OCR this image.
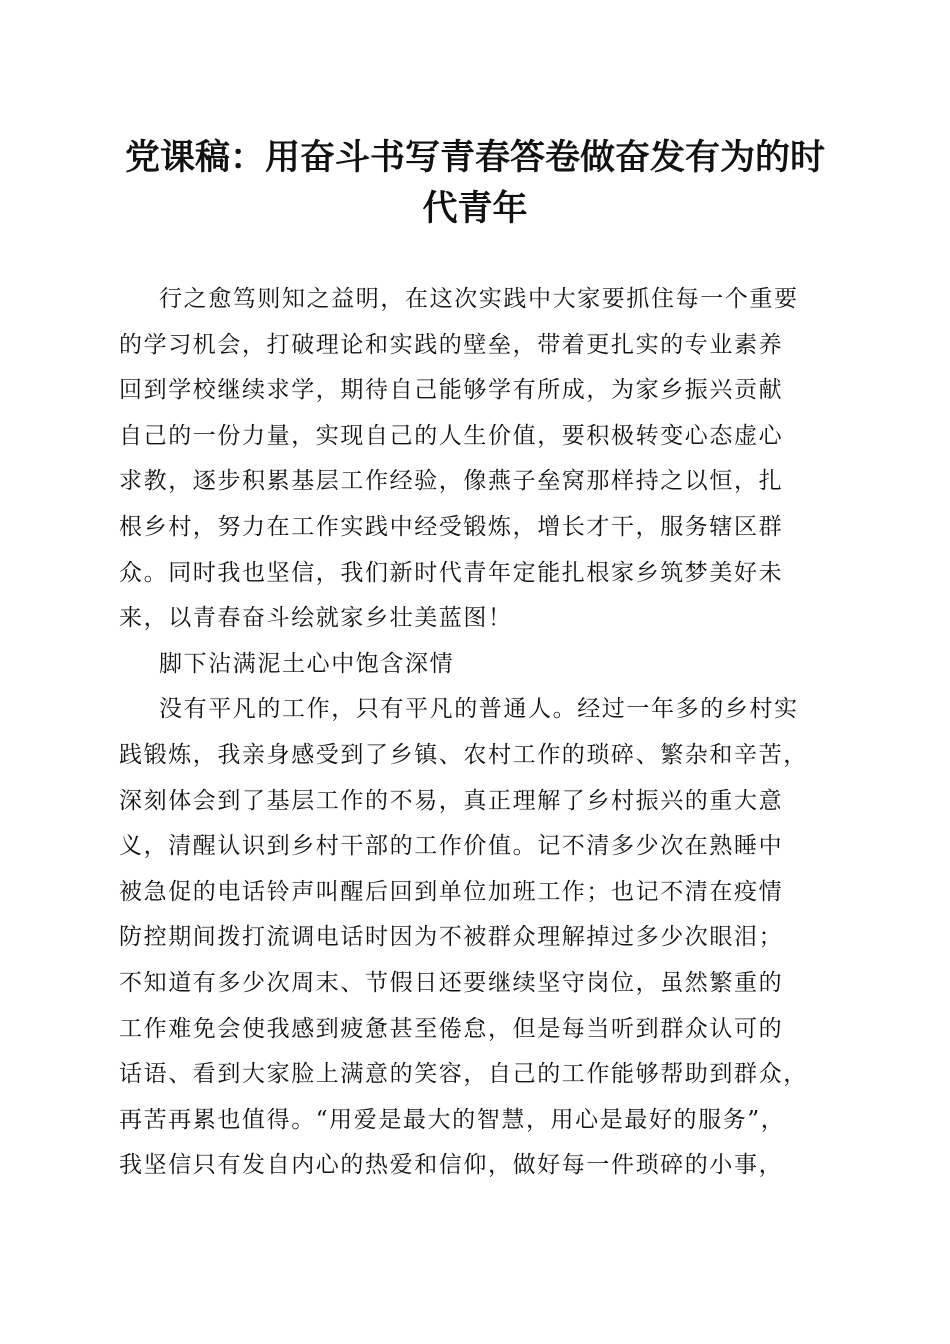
党课稿：用奋斗书写青春答卷做奋发有为的时
代青年

行之愈笃则知之益明，在这次实践中大家要抓住每一个重要
的学习机会，打破理论和实践的壁垒，带着更扎实的专业素养
回到学校继续求学，期待自己能够学有所成，为家乡振兴贡献
自己的一份力量，实现自己的人生价值，要积极转变心态虚心
求教，逐步积累基层工作经验，像燕子垒窝那样持之以恒，扎
根乡村，努力在工作实践中经受锻炼，增长才干，服务辖区群
众。同时我也坚信，我们新时代青年定能扎根家乡筑梦美好未
来，以青春奋斗绘就家乡壮美蓝图！

脚下沾满泥土心中饱含深情

没有平凡的工作，只有平凡的普通人。经过一年多的乡村实
践锻炼，我亲身感受到了乡镇、农村工作的琐碎、繁杂和辛苦，
深刻体会到了基层工作的不易，真正理解了乡村振兴的重大意
义，清醒认识到乡村干部的工作价值。记不清多少次在熟睡中
被急促的电话铃声叫醒后回到单位加班工作；也记不清在疫情
防控期间拨打流调电话时因为不被群众理解掉过多少次眼泪；
不知道有多少次周末、节假日还要继续坚守岗位，虽然繁重的
工作难免会使我感到疲惫甚至倦怠，但是每当听到群众认可的
话语、看到大家脸上满意的笑容，自己的工作能够帮助到群众，
再苦再累也值得。“用爱是最大的智慧，用心是最好的服务”，
我坚信只有发自内心的热爱和信仰，做好每一件琐碎的小事，
